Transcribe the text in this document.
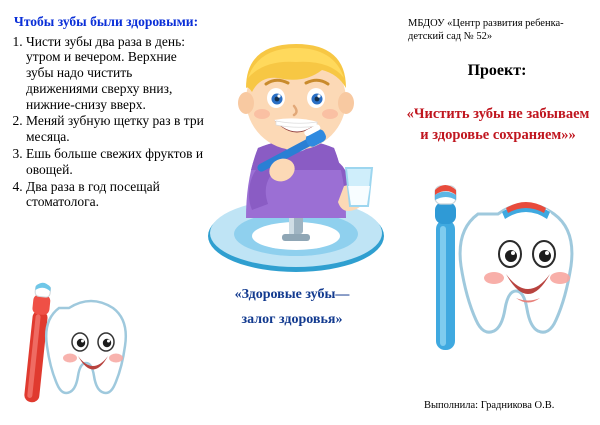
Чтобы зубы были здоровыми:
1. Чисти зубы два раза в день: утром и вечером. Верхние зубы надо чистить движениями сверху вниз, нижние-снизу вверх.
2. Меняй зубную щетку раз в три месяца.
3. Ешь больше свежих фруктов и овощей.
4. Два раза в год посещай стоматолога.
«Здоровые зубы—
залог здоровья»
МБДОУ «Центр развития ребенка-детский сад № 52»
Проект:
«Чистить зубы не забываем и здоровье сохраняем»»
Выполнила: Градникова О.В.
